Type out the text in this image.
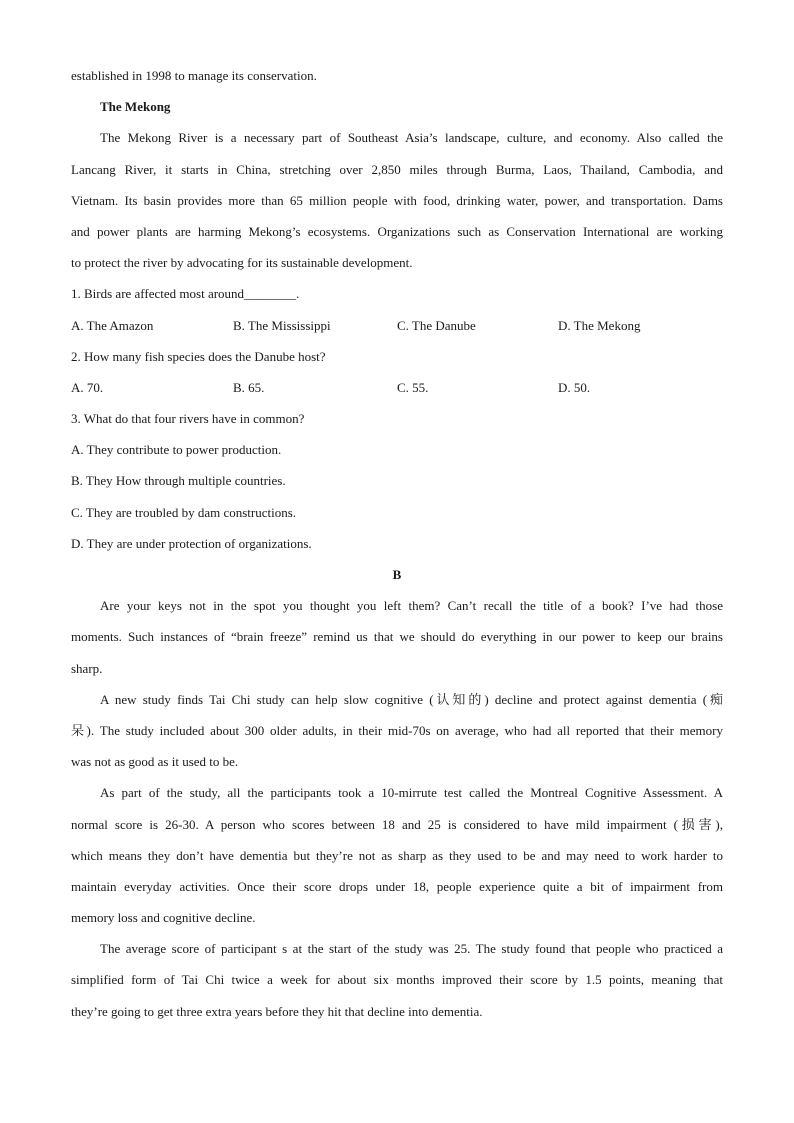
established in 1998 to manage its conservation.
The Mekong
The Mekong River is a necessary part of Southeast Asia’s landscape, culture, and economy. Also called the
Lancang River, it starts in China, stretching over 2,850 miles through Burma, Laos, Thailand, Cambodia, and
Vietnam. Its basin provides more than 65 million people with food, drinking water, power, and transportation. Dams
and power plants are harming Mekong’s ecosystems. Organizations such as Conservation International are working
to protect the river by advocating for its sustainable development.
1. Birds are affected most around________.
A. The Amazon	B. The Mississippi	C. The Danube	D. The Mekong
2. How many fish species does the Danube host?
A. 70.	B. 65.	C. 55.	D. 50.
3. What do that four rivers have in common?
A. They contribute to power production.
B. They How through multiple countries.
C. They are troubled by dam constructions.
D. They are under protection of organizations.
B
Are your keys not in the spot you thought you left them? Can’t recall the title of a book? I’ve had those
moments. Such instances of “brain freeze” remind us that we should do everything in our power to keep our brains
sharp.
A new study finds Tai Chi study can help slow cognitive (认知的) decline and protect against dementia (痴
呆). The study included about 300 older adults, in their mid-70s on average, who had all reported that their memory
was not as good as it used to be.
As part of the study, all the participants took a 10-mirrute test called the Montreal Cognitive Assessment. A
normal score is 26-30. A person who scores between 18 and 25 is considered to have mild impairment (损害),
which means they don’t have dementia but they’re not as sharp as they used to be and may need to work harder to
maintain everyday activities. Once their score drops under 18, people experience quite a bit of impairment from
memory loss and cognitive decline.
The average score of participant s at the start of the study was 25. The study found that people who practiced a
simplified form of Tai Chi twice a week for about six months improved their score by 1.5 points, meaning that
they’re going to get three extra years before they hit that decline into dementia.
